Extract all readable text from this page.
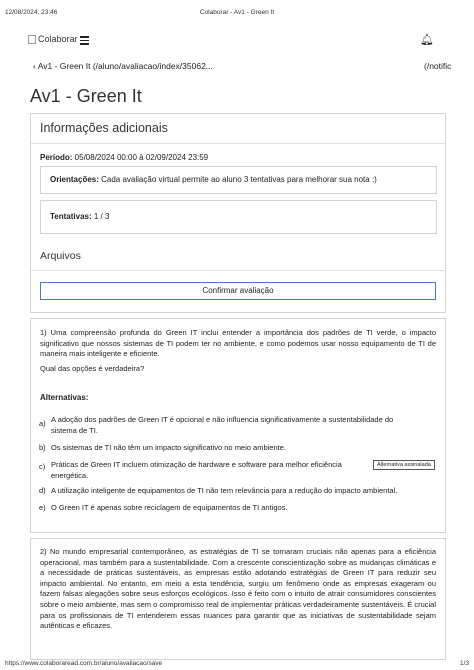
12/08/2024, 23:46	Colaborar - Av1 - Green It
Colaborar	🔔︎
‹ Av1 - Green It (/aluno/avaliacao/index/35062...	(/notific
Av1 - Green It
Informações adicionais
Período: 05/08/2024 00:00 à 02/09/2024 23:59
Orientações: Cada avaliação virtual permite ao aluno 3 tentativas para melhorar sua nota :)
Tentativas: 1 / 3
Arquivos
Confirmar avaliação
1) Uma compreensão profunda do Green IT inclui entender a importância dos padrões de TI verde, o impacto significativo que nossos sistemas de TI podem ter no ambiente, e como podemos usar nosso equipamento de TI de maneira mais inteligente e eficiente.
Qual das opções é verdadeira?
Alternativas:
a) A adoção dos padrões de Green IT é opcional e não influencia significativamente a sustentabilidade do sistema de TI.
b) Os sistemas de TI não têm um impacto significativo no meio ambiente.
c) Práticas de Green IT incluem otimização de hardware e software para melhor eficiência energética.
Alternativa assinalada
d) A utilização inteligente de equipamentos de TI não tem relevância para a redução do impacto ambiental.
e) O Green IT é apenas sobre reciclagem de equipamentos de TI antigos.
2) No mundo empresarial contemporâneo, as estratégias de TI se tornaram cruciais não apenas para a eficiência operacional, mas também para a sustentabilidade. Com a crescente conscientização sobre as mudanças climáticas e a necessidade de práticas sustentáveis, as empresas estão adotando estratégias de Green IT para reduzir seu impacto ambiental. No entanto, em meio a esta tendência, surgiu um fenômeno onde as empresas exageram ou fazem falsas alegações sobre seus esforços ecológicos. Isso é feito com o intuito de atrair consumidores conscientes sobre o meio ambiente, mas sem o compromisso real de implementar práticas verdadeiramente sustentáveis. É crucial para os profissionais de TI entenderem essas nuances para garantir que as iniciativas de sustentabilidade sejam autênticas e eficazes.
https://www.colaboraread.com.br/aluno/avaliacao/save	1/3
